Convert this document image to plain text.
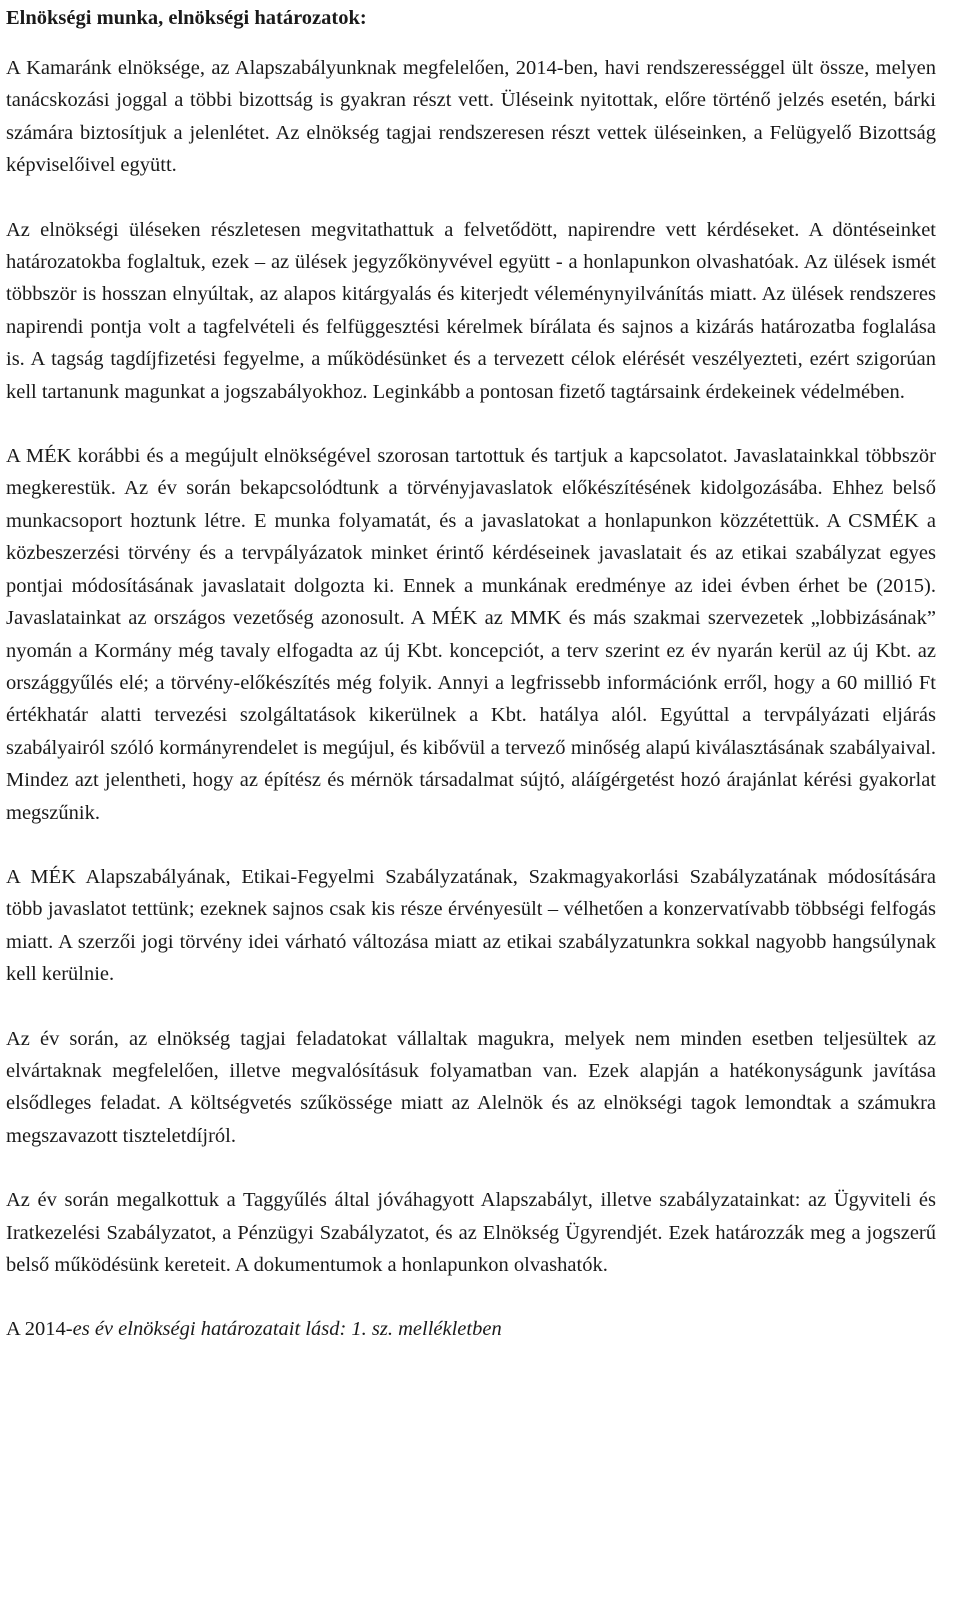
Elnökségi munka, elnökségi határozatok:

A Kamaránk elnöksége, az Alapszabályunknak megfelelően, 2014-ben, havi rendszerességgel ült össze, melyen tanácskozási joggal a többi bizottság is gyakran részt vett. Üléseink nyitottak, előre történő jelzés esetén, bárki számára biztosítjuk a jelenlétet. Az elnökség tagjai rendszeresen részt vettek üléseinken, a Felügyelő Bizottság képviselőivel együtt.

Az elnökségi üléseken részletesen megvitathattuk a felvetődött, napirendre vett kérdéseket. A döntéseinket határozatokba foglaltuk, ezek – az ülések jegyzőkönyvével együtt - a honlapunkon olvashatóak. Az ülések ismét többször is hosszan elnyúltak, az alapos kitárgyalás és kiterjedt véleménynyilvánítás miatt. Az ülések rendszeres napirendi pontja volt a tagfelvételi és felfüggesztési kérelmek bírálata és sajnos a kizárás határozatba foglalása is. A tagság tagdíjfizetési fegyelme, a működésünket és a tervezett célok elérését veszélyezteti, ezért szigorúan kell tartanunk magunkat a jogszabályokhoz. Leginkább a pontosan fizető tagtársaink érdekeinek védelmében.

A MÉK korábbi és a megújult elnökségével szorosan tartottuk és tartjuk a kapcsolatot. Javaslatainkkal többször megkerestük. Az év során bekapcsolódtunk a törvényjavaslatok előkészítésének kidolgozásába. Ehhez belső munkacsoport hoztunk létre. E munka folyamatát, és a javaslatokat a honlapunkon közzétettük. A CSMÉK a közbeszerzési törvény és a tervpályázatok minket érintő kérdéseinek javaslatait és az etikai szabályzat egyes pontjai módosításának javaslatait dolgozta ki. Ennek a munkának eredménye az idei évben érhet be (2015). Javaslatainkat az országos vezetőség azonosult. A MÉK az MMK és más szakmai szervezetek „lobbizásának” nyomán a Kormány még tavaly elfogadta az új Kbt. koncepciót, a terv szerint ez év nyarán kerül az új Kbt. az országgyűlés elé; a törvény-előkészítés még folyik. Annyi a legfrissebb információnk erről, hogy a 60 millió Ft értékhatár alatti tervezési szolgáltatások kikerülnek a Kbt. hatálya alól. Egyúttal a tervpályázati eljárás szabályairól szóló kormányrendelet is megújul, és kibővül a tervező minőség alapú kiválasztásának szabályaival. Mindez azt jelentheti, hogy az építész és mérnök társadalmat sújtó, aláígérgetést hozó árajánlat kérési gyakorlat megszűnik.

A MÉK Alapszabályának, Etikai-Fegyelmi Szabályzatának, Szakmagyakorlási Szabályzatának módosítására több javaslatot tettünk; ezeknek sajnos csak kis része érvényesült – vélhetően a konzervatívabb többségi felfogás miatt. A szerzői jogi törvény idei várható változása miatt az etikai szabályzatunkra sokkal nagyobb hangsúlynak kell kerülnie.

Az év során, az elnökség tagjai feladatokat vállaltak magukra, melyek nem minden esetben teljesültek az elvártaknak megfelelően, illetve megvalósításuk folyamatban van. Ezek alapján a hatékonyságunk javítása elsődleges feladat. A költségvetés szűkössége miatt az Alelnök és az elnökségi tagok lemondtak a számukra megszavazott tiszteletdíjról.

Az év során megalkottuk a Taggyűlés által jóváhagyott Alapszabályt, illetve szabályzatainkat: az Ügyviteli és Iratkezelési Szabályzatot, a Pénzügyi Szabályzatot, és az Elnökség Ügyrendjét. Ezek határozzák meg a jogszerű belső működésünk kereteit. A dokumentumok a honlapunkon olvashatók.

A 2014-es év elnökségi határozatait lásd: 1. sz. mellékletben
